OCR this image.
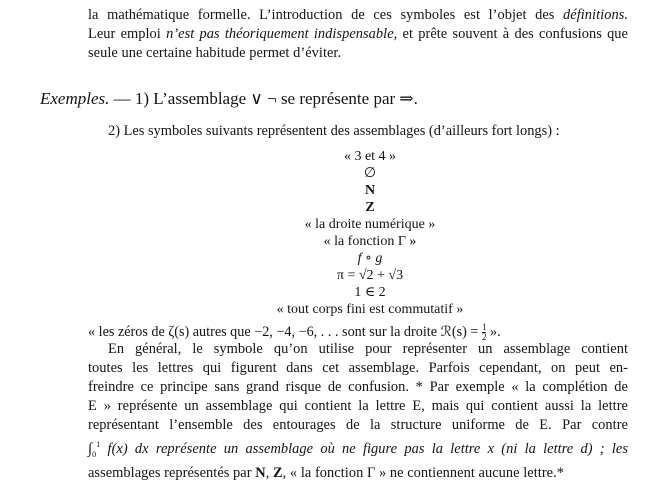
la mathématique formelle. L’introduction de ces symboles est l’objet des définitions.
Leur emploi n’est pas théoriquement indispensable, et prête souvent à des confusions que
seule une certaine habitude permet d’éviter.
Exemples. — 1) L’assemblage ∨ ¬ se représente par ⇒.
2) Les symboles suivants représentent des assemblages (d’ailleurs fort longs) :
« 3 et 4 »
∅
N
Z
« la droite numérique »
« la fonction Γ »
f ∘ g
π = √2 + √3
1 ∈ 2
« tout corps fini est commutatif »
« les zéros de ζ(s) autres que −2, −4, −6, . . . sont sur la droite ℛ(s) = $\frac{1}{2}$ ».
En général, le symbole qu’on utilise pour représenter un assemblage contient
toutes les lettres qui figurent dans cet assemblage. Parfois cependant, on peut en-
freindre ce principe sans grand risque de confusion. * Par exemple « la complétion de
E » représente un assemblage qui contient la lettre E, mais qui contient aussi la lettre
représentant l’ensemble des entourages de la structure uniforme de E. Par contre
$\int_0^1$ f(x) dx représente un assemblage où ne figure pas la lettre x (ni la lettre d) ; les
assemblages représentés par N, Z, « la fonction Γ » ne contiennent aucune lettre.*
